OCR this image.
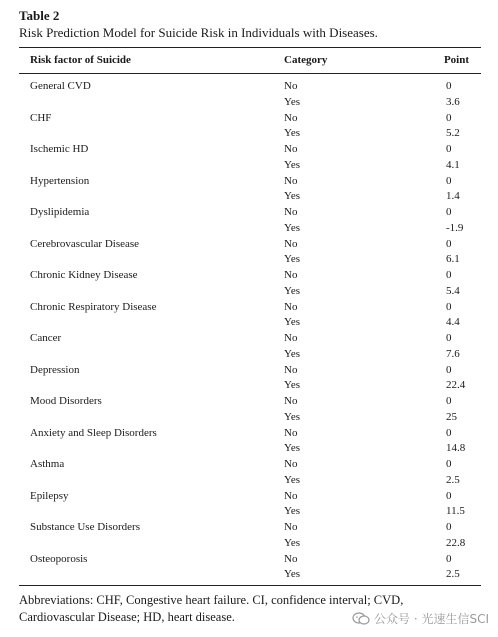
Table 2
Risk Prediction Model for Suicide Risk in Individuals with Diseases.
Risk factor of Suicide	Category	Point
General CVD	No	0
Yes	3.6
CHF	No	0
Yes	5.2
Ischemic HD	No	0
Yes	4.1
Hypertension	No	0
Yes	1.4
Dyslipidemia	No	0
Yes	-1.9
Cerebrovascular Disease	No	0
Yes	6.1
Chronic Kidney Disease	No	0
Yes	5.4
Chronic Respiratory Disease	No	0
Yes	4.4
Cancer	No	0
Yes	7.6
Depression	No	0
Yes	22.4
Mood Disorders	No	0
Yes	25
Anxiety and Sleep Disorders	No	0
Yes	14.8
Asthma	No	0
Yes	2.5
Epilepsy	No	0
Yes	11.5
Substance Use Disorders	No	0
Yes	22.8
Osteoporosis	No	0
Yes	2.5
Abbreviations: CHF, Congestive heart failure. CI, confidence interval; CVD, Cardiovascular Disease; HD, heart disease.	公众号 · 光速生信SCI
